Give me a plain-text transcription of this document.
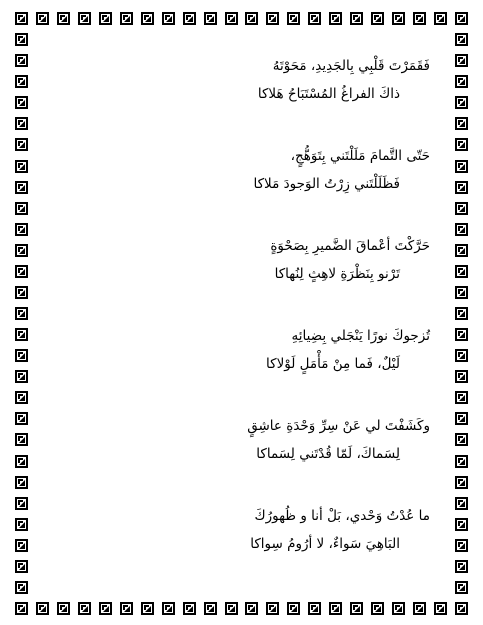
فَقَمَرْتَ قَلْبِي بِالجَدِيدِ، مَحَوْتَهُ
ذاكَ الفراغُ المُسْتَبَاحُ هَلاكا
حَتّى التَّمامَ مَلَلْتَني بِتَوَهُّجٍ،
فَظَلَلْتَني زِرْتُ الوَجودَ مَلاكا
حَرَّكْتَ أعْماقَ الضَّميرِ بِصَحْوَةٍ
تَرْنو بِنَظْرَةِ لاهِثٍ لِنُهاكا
تُزجوكَ نورًا يَنْجَلي بِضِيائِهِ
لَيْلٌ، فَما مِنْ مَأْمَلٍ لَوْلاكا
وكَشَفْتَ لي عَنْ سِرِّ وَحْدَةِ عاشِقٍ
لِسَماكَ، لَمّا قُدْتَني لِسَماكا
ما عُدْتُ وَحْدي، بَلْ أنا و ظُهورُكَ
البَاهِيَ سَواءٌ، لا أرُومُ سِواكا
